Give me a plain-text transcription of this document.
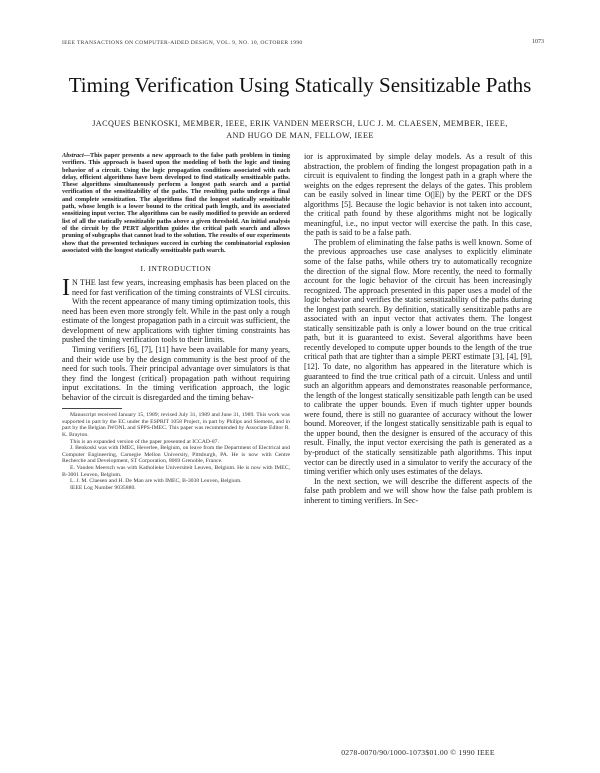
IEEE TRANSACTIONS ON COMPUTER-AIDED DESIGN, VOL. 9, NO. 10, OCTOBER 1990	1073
Timing Verification Using Statically Sensitizable Paths
JACQUES BENKOSKI, MEMBER, IEEE, ERIK VANDEN MEERSCH, LUC J. M. CLAESEN, MEMBER, IEEE,
AND HUGO DE MAN, FELLOW, IEEE

Abstract—This paper presents a new approach to the false path problem in timing verifiers. This approach is based upon the modeling of both the logic and timing behavior of a circuit. Using the logic propagation conditions associated with each delay, efficient algorithms have been developed to find statically sensitizable paths. These algorithms simultaneously perform a longest path search and a partial verification of the sensitizability of the paths. The resulting paths undergo a final and complete sensitization. The algorithms find the longest statically sensitizable path, whose length is a lower bound to the critical path length, and its associated sensitizing input vector. The algorithms can be easily modified to provide an ordered list of all the statically sensitizable paths above a given threshold. An initial analysis of the circuit by the PERT algorithm guides the critical path search and allows pruning of subgraphs that cannot lead to the solution. The results of our experiments show that the presented techniques succeed in curbing the combinatorial explosion associated with the longest statically sensitizable path search.

I. INTRODUCTION

I N THE last few years, increasing emphasis has been placed on the need for fast verification of the timing constraints of VLSI circuits. With the recent appearance of many timing optimization tools, this need has been even more strongly felt. While in the past only a rough estimate of the longest propagation path in a circuit was sufficient, the development of new applications with tighter timing constraints has pushed the timing verification tools to their limits.

Timing verifiers [6], [7], [11] have been available for many years, and their wide use by the design community is the best proof of the need for such tools. Their principal advantage over simulators is that they find the longest (critical) propagation path without requiring input excitations. In the timing verification approach, the logic behavior of the circuit is disregarded and the timing behav-

Manuscript received January 15, 1989; revised July 31, 1989 and June 31, 1989. This work was supported in part by the EC under the ESPRIT 1058 Project, in part by Philips and Siemens, and in part by the Belgian IWONL and SPPS-IMEC. This paper was recommended by Associate Editor R. K. Brayton.

This is an expanded version of the paper presented at ICCAD-87.

J. Benkoski was with IMEC, Heverlee, Belgium, on leave from the Department of Electrical and Computer Engineering, Carnegie Mellon University, Pittsburgh, PA. He is now with Centre Recherche and Development, ST Corporation, 8069 Grenoble, France.

E. Vanden Meersch was with Katholieke Universiteit Leuven, Belgium. He is now with IMEC, B-3001 Leuven, Belgium.

L. J. M. Claesen and H. De Man are with IMEC, B-3030 Leuven, Belgium.

IEEE Log Number 9035880.

ior is approximated by simple delay models. As a result of this abstraction, the problem of finding the longest propagation path in a circuit is equivalent to finding the longest path in a graph where the weights on the edges represent the delays of the gates. This problem can be easily solved in linear time O(|E|) by the PERT or the DFS algorithms [5]. Because the logic behavior is not taken into account, the critical path found by these algorithms might not be logically meaningful, i.e., no input vector will exercise the path. In this case, the path is said to be a false path.

The problem of eliminating the false paths is well known. Some of the previous approaches use case analyses to explicitly eliminate some of the false paths, while others try to automatically recognize the direction of the signal flow. More recently, the need to formally account for the logic behavior of the circuit has been increasingly recognized. The approach presented in this paper uses a model of the logic behavior and verifies the static sensitizability of the paths during the longest path search. By definition, statically sensitizable paths are associated with an input vector that activates them. The longest statically sensitizable path is only a lower bound on the true critical path, but it is guaranteed to exist. Several algorithms have been recently developed to compute upper bounds to the length of the true critical path that are tighter than a simple PERT estimate [3], [4], [9], [12]. To date, no algorithm has appeared in the literature which is guaranteed to find the true critical path of a circuit. Unless and until such an algorithm appears and demonstrates reasonable performance, the length of the longest statically sensitizable path length can be used to calibrate the upper bounds. Even if much tighter upper bounds were found, there is still no guarantee of accuracy without the lower bound. Moreover, if the longest statically sensitizable path is equal to the upper bound, then the designer is ensured of the accuracy of this result. Finally, the input vector exercising the path is generated as a by-product of the statically sensitizable path algorithms. This input vector can be directly used in a simulator to verify the accuracy of the timing verifier which only uses estimates of the delays.

In the next section, we will describe the different aspects of the false path problem and we will show how the false path problem is inherent to timing verifiers. In Sec-

0278-0070/90/1000-1073$01.00 © 1990 IEEE
